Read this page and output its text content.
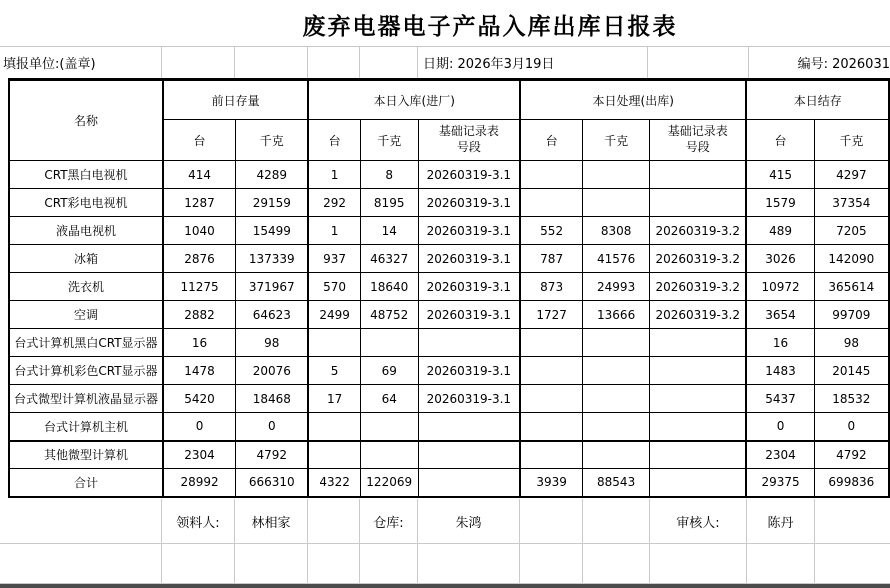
废弃电器电子产品入库出库日报表
填报单位:(盖章)	日期: 2026年3月19日	编号: 2026031
名称	前日存量		本日入库(进厂)			本日处理(出库)			本日结存	
	台	千克	台	千克	基础记录表号段	台	千克	基础记录表号段	台	千克
CRT黑白电视机	414	4289	1	8	20260319-3.1				415	4297
CRT彩电电视机	1287	29159	292	8195	20260319-3.1				1579	37354
液晶电视机	1040	15499	1	14	20260319-3.1	552	8308	20260319-3.2	489	7205
冰箱	2876	137339	937	46327	20260319-3.1	787	41576	20260319-3.2	3026	142090
洗衣机	11275	371967	570	18640	20260319-3.1	873	24993	20260319-3.2	10972	365614
空调	2882	64623	2499	48752	20260319-3.1	1727	13666	20260319-3.2	3654	99709
台式计算机黑白CRT显示器	16	98							16	98
台式计算机彩色CRT显示器	1478	20076	5	69	20260319-3.1				1483	20145
台式微型计算机液晶显示器	5420	18468	17	64	20260319-3.1				5437	18532
台式计算机主机	0	0							0	0
其他微型计算机	2304	4792							2304	4792
合计	28992	666310	4322	122069		3939	88543		29375	699836
领料人:	林相家	仓库:	朱鸿	审核人:	陈丹
